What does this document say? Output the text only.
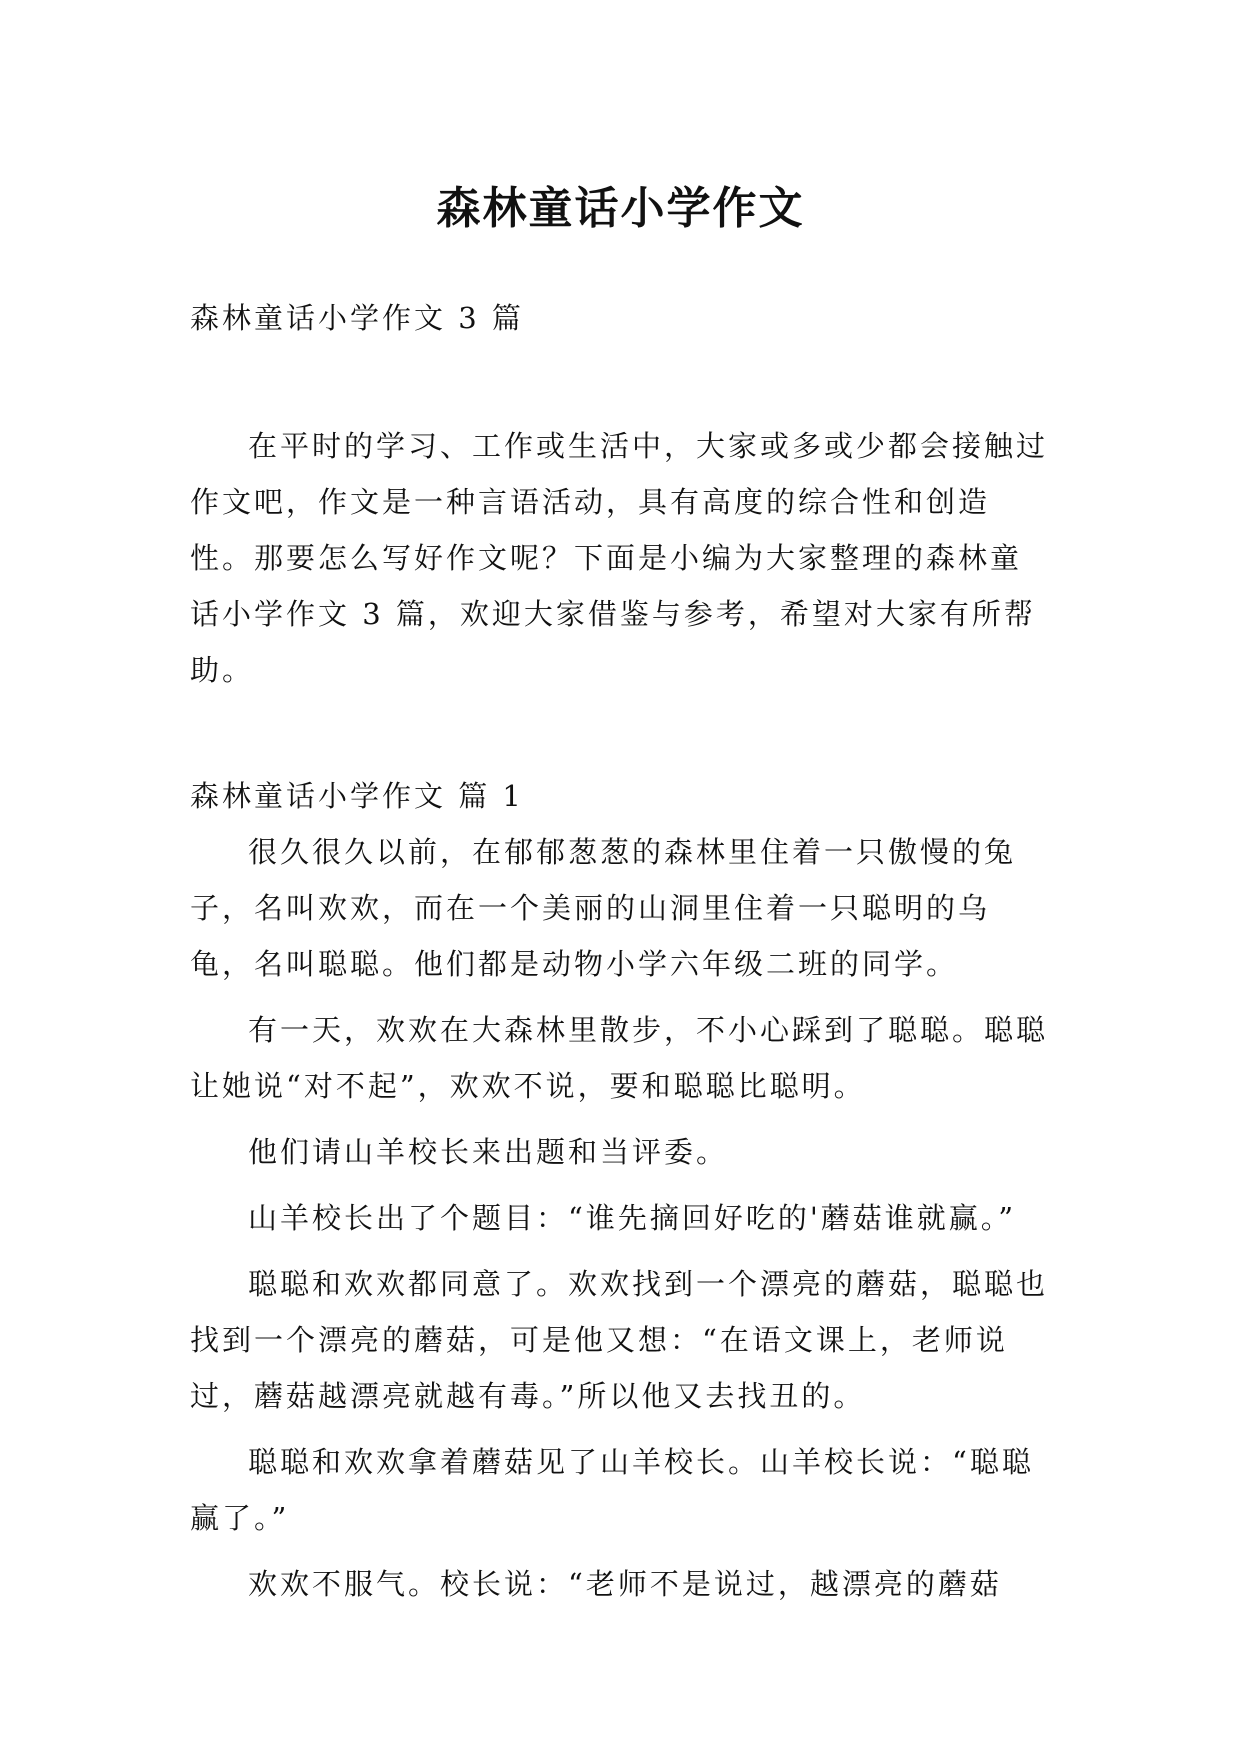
森林童话小学作文

森林童话小学作文 3 篇

在平时的学习、工作或生活中，大家或多或少都会接触过作文吧，作文是一种言语活动，具有高度的综合性和创造性。那要怎么写好作文呢？下面是小编为大家整理的森林童话小学作文 3 篇，欢迎大家借鉴与参考，希望对大家有所帮助。

森林童话小学作文 篇 1

很久很久以前，在郁郁葱葱的森林里住着一只傲慢的兔子，名叫欢欢，而在一个美丽的山洞里住着一只聪明的乌龟，名叫聪聪。他们都是动物小学六年级二班的同学。

有一天，欢欢在大森林里散步，不小心踩到了聪聪。聪聪让她说“对不起”，欢欢不说，要和聪聪比聪明。

他们请山羊校长来出题和当评委。

山羊校长出了个题目：“谁先摘回好吃的'蘑菇谁就赢。”

聪聪和欢欢都同意了。欢欢找到一个漂亮的蘑菇，聪聪也找到一个漂亮的蘑菇，可是他又想：“在语文课上，老师说过，蘑菇越漂亮就越有毒。”所以他又去找丑的。

聪聪和欢欢拿着蘑菇见了山羊校长。山羊校长说：“聪聪赢了。”

欢欢不服气。校长说：“老师不是说过，越漂亮的蘑菇
